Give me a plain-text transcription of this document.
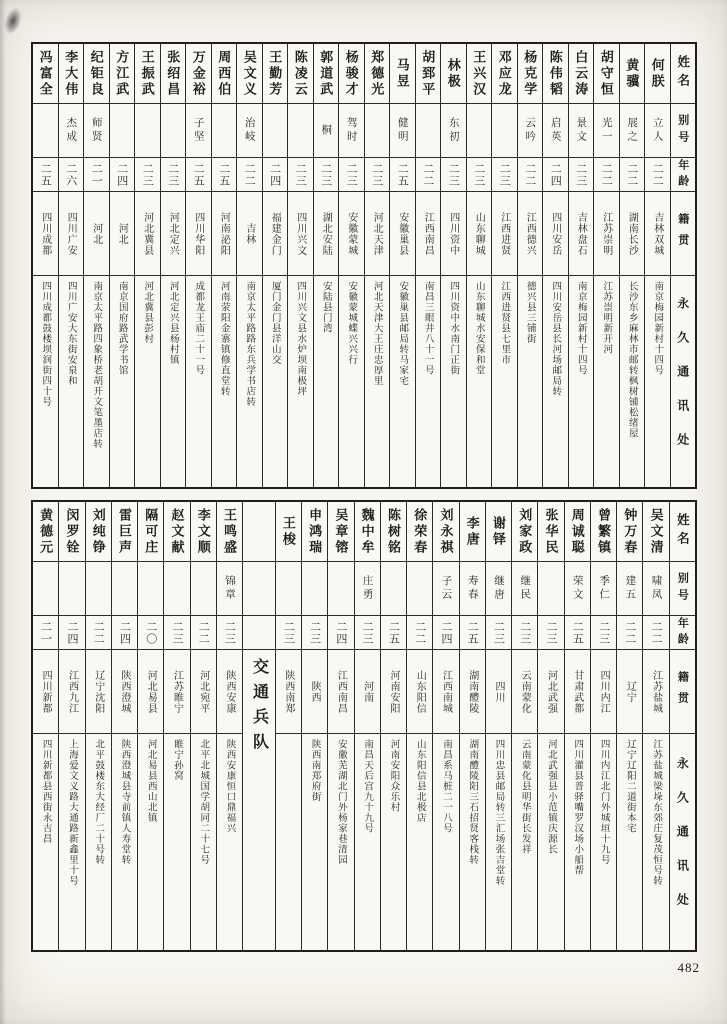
姓名
别号
年龄
籍贯
永久通讯处
何朕
立人
二二
吉林双城
南京梅园新村十四号
黄骥
展之
二二
湖南长沙
长沙东乡麻林市邮转枫树铺松绪屋
胡守恒
光一
二二
江苏崇明
江苏崇明新开河
白云涛
景文
二三
吉林盘石
南京梅园新村十四号
陈伟韬
启英
二四
四川安岳
四川安岳县长河场邮局转
杨克学
云吟
二二
江西德兴
德兴县三铺街
邓应龙
二三
江西进贤
江西进贤县七里市
王兴汉
二三
山东聊城
山东聊城水安保和堂
林极
东初
二三
四川资中
四川资中水南门正街
胡郅平
二二
江西南昌
南昌三眼井八十一号
马昱
健明
二五
安徽巢县
安徽巢县邮局转马家宅
郑德光
二三
河北天津
河北天津大王庄忠厚里
杨骏才
驾时
二三
安徽蒙城
安徽蒙城蝶兴兴行
郭道武
桐
二三
湖北安陆
安陆县门湾
陈凌云
二三
四川兴文
四川兴文县水炉坝南极坪
王勤芳
二四
福建金门
厦门金门县洋山交
吴文义
治岐
二二
吉林
南京太平路路东兵学书店转
周西伯
二五
河南泌阳
河南荥阳金寨镇修直堂转
万金裕
子坚
二五
四川华阳
成都龙王庙二十一号
张绍昌
二三
河北定兴
河北定兴县杨村镇
王振武
二三
河北冀县
河北冀县彭村
方江武
二四
河北
南京国府路武学书馆
纪钜良
师贤
二一
河北
南京太平路四象桥老胡开文笔墨店转
李大伟
杰成
二六
四川广安
四川广安大东街安泉和
冯富全
二五
四川成都
四川成都鼓楼坝润街四十号
姓名
别号
年龄
籍贯
永久通讯处
吴文清
啸凤
二二
江苏盐城
江苏盐城梁垛东郊庄复茂恒号转
钟万春
建五
二二
辽宁
辽宁辽阳二道街本宅
曾繁镇
季仁
二三
四川内江
四川内江北门外城垣十九号
周诚聪
荣文
二五
甘肃武都
四川灌县普驿嘴罗汉场小船帮
张华民
二三
河北武强
河北武强县小范镇庆源长
刘家政
继民
二三
云南蒙化
云南蒙化县明华街长发祥
谢铎
继唐
二三
四川
四川忠县邮局转三汇场张吉堂转
李唐
寿春
二五
湖南醴陵
湖南醴陵阳三石招贤客栈转
刘永祺
子云
二四
江西南城
南昌系马桩二一八号
徐荣春
二二
山东阳信
山东阳信县北极店
陈树铭
二五
河南安阳
河南安阳众乐村
魏中牟
庄勇
二三
河南
南昌天后宫九十九号
吴章镕
二四
江西南昌
安徽芜湖北门外杨家巷清园
申鸿瑞
二三
陕西
陕西南郑府街
王梭
二三
陕西南郑
交通兵队
王鸣盛
锦章
二三
陕西安康
陕西安康恒口鼎福兴
李文顺
二二
河北宛平
北平北城国学胡同二十七号
赵文献
二三
江苏睢宁
睢宁孙窝
隔可庄
二〇
河北易县
河北易县西山北镇
雷巨声
二四
陕西澄城
陕西澄城县寺前镇人寿堂转
刘纯铮
二二
辽宁沈阳
北平鼓楼东大经厂二十号转
闵罗铨
二四
江西九江
上海爱文义路大通路新鑫里十号
黄德元
二一
四川新都
四川新都县西街永吉昌
482
